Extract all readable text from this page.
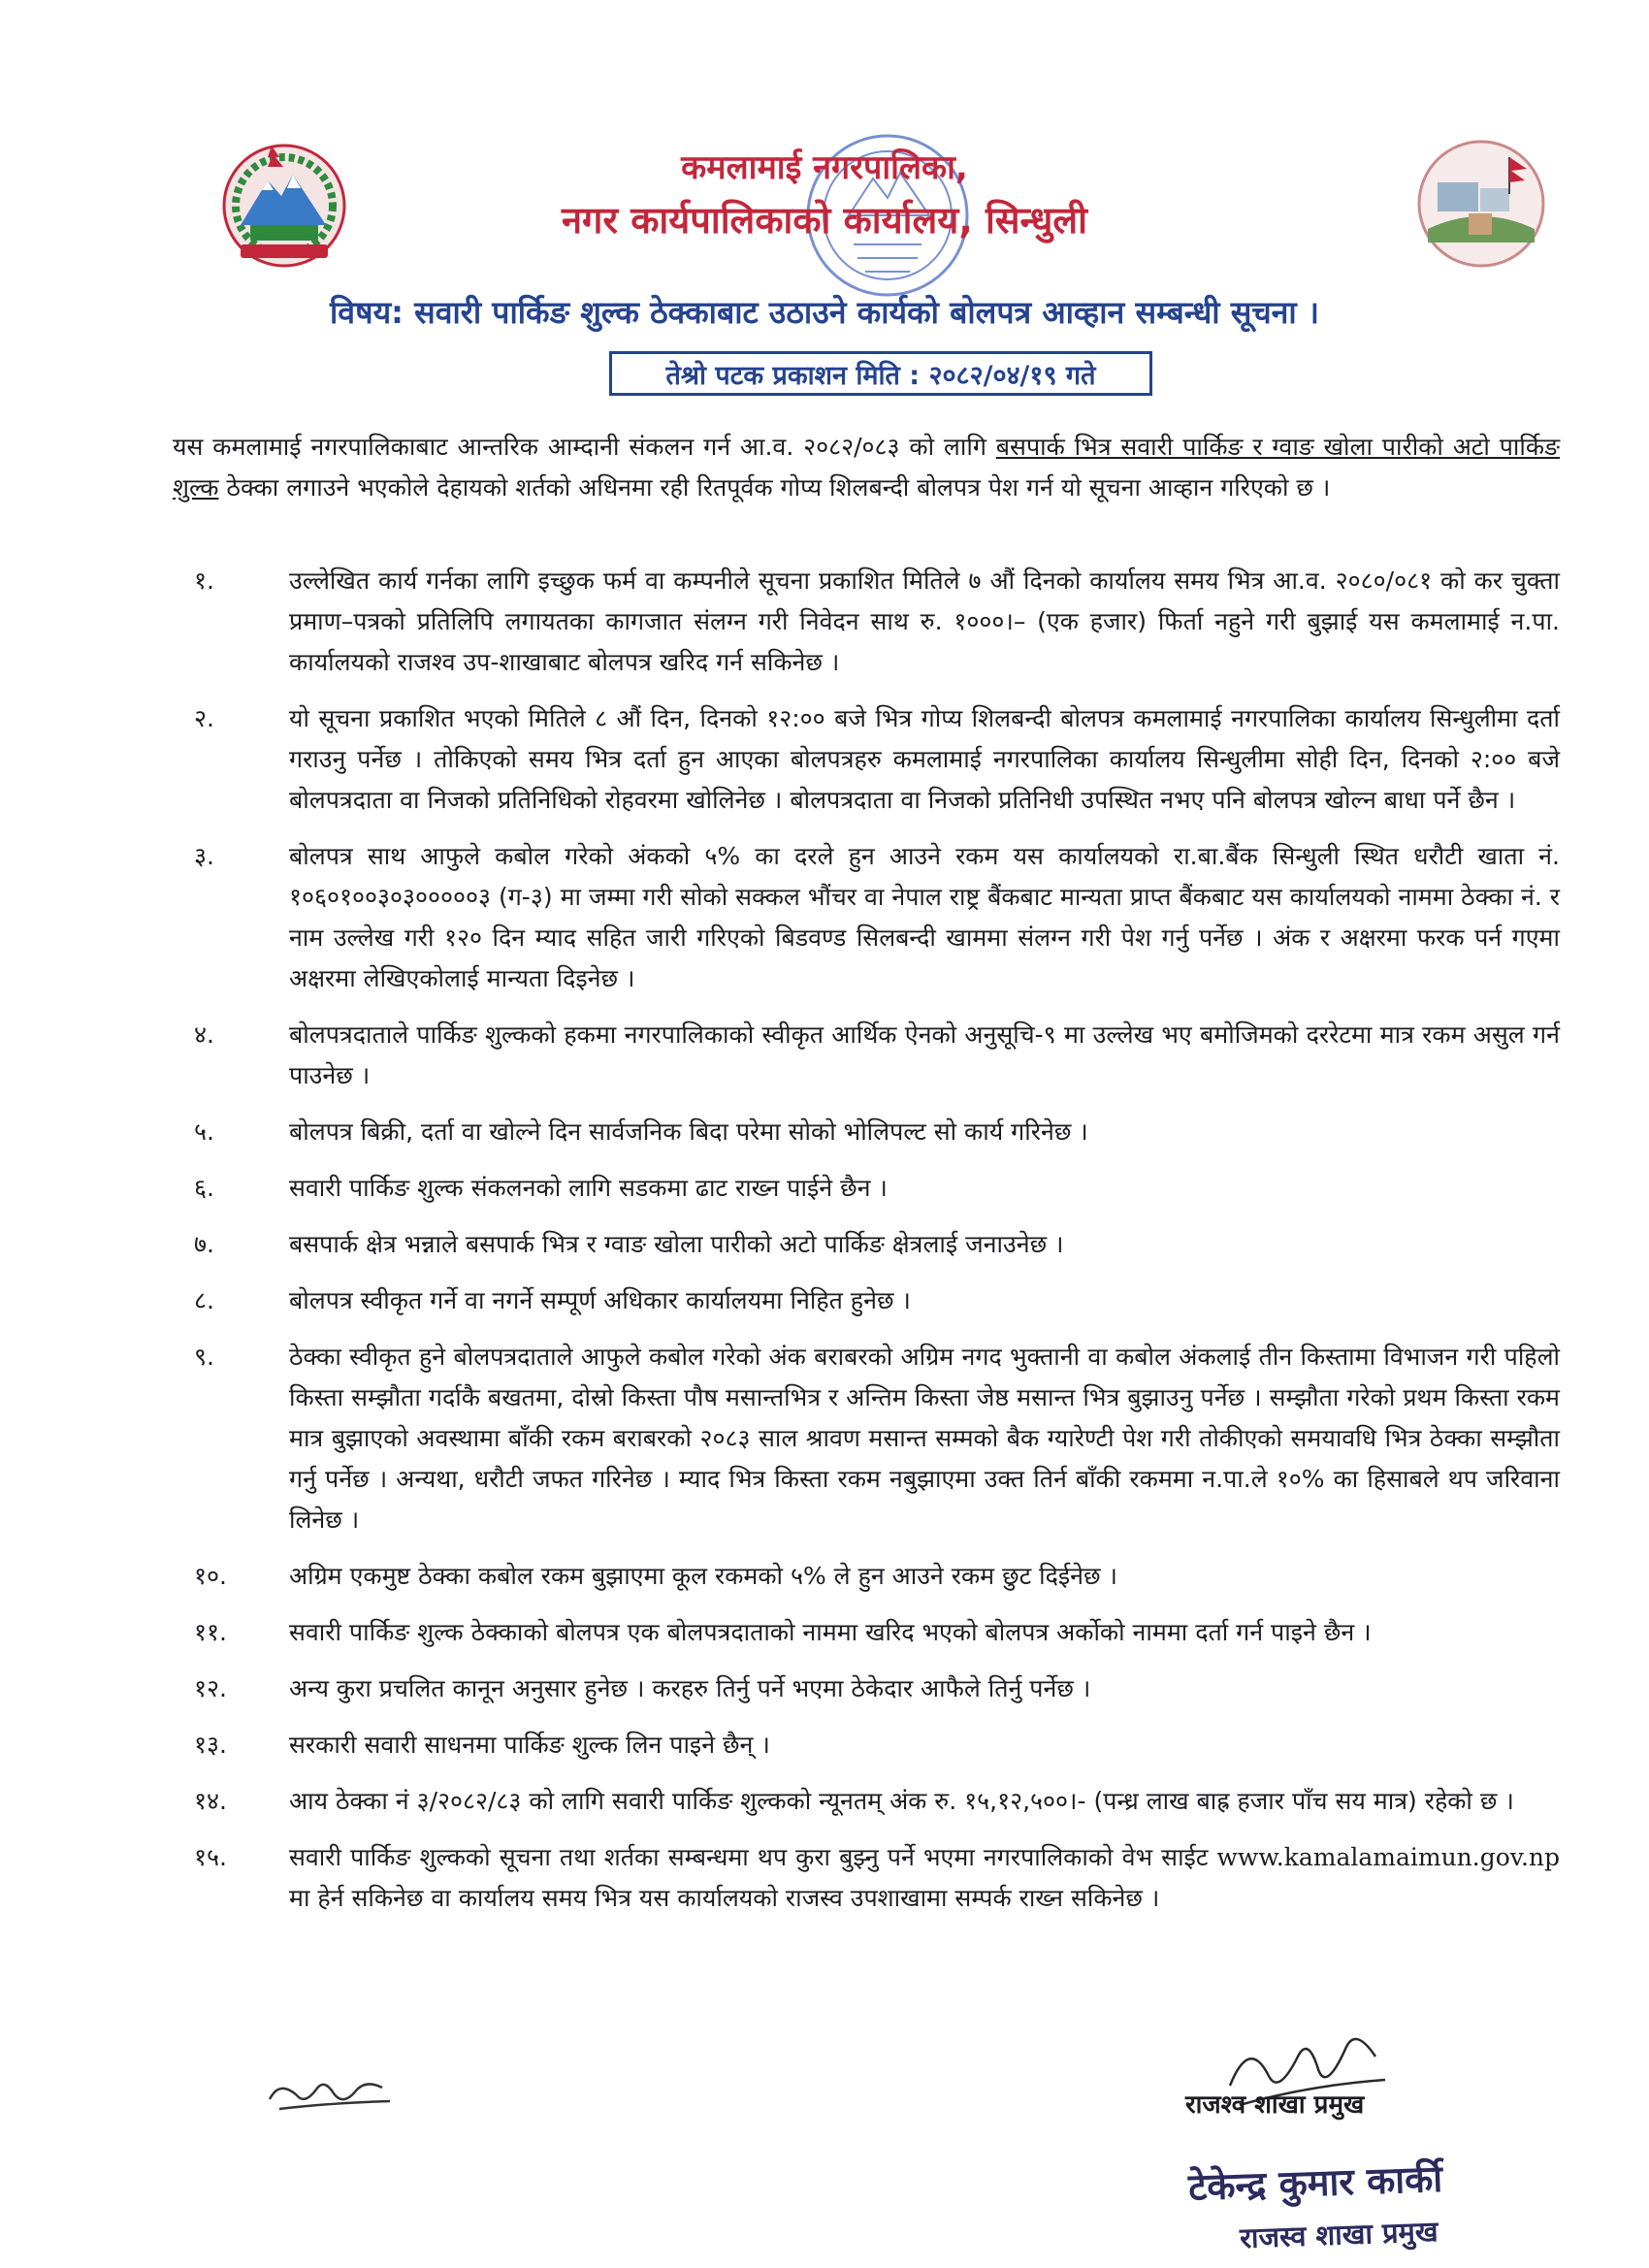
कमलामाई नगरपालिका,
नगर कार्यपालिकाको कार्यालय, सिन्धुली
विषय: सवारी पार्किङ शुल्क ठेक्काबाट उठाउने कार्यको बोलपत्र आव्हान सम्बन्धी सूचना ।
तेश्रो पटक प्रकाशन मिति : २०८२/०४/१९ गते
यस कमलामाई नगरपालिकाबाट आन्तरिक आम्दानी संकलन गर्न आ.व. २०८२/०८३ को लागि बसपार्क भित्र सवारी पार्किङ र ग्वाङ खोला पारीको अटो पार्किङ शुल्क ठेक्का लगाउने भएकोले देहायको शर्तको अधिनमा रही रितपूर्वक गोप्य शिलबन्दी बोलपत्र पेश गर्न यो सूचना आव्हान गरिएको छ ।
१.	उल्लेखित कार्य गर्नका लागि इच्छुक फर्म वा कम्पनीले सूचना प्रकाशित मितिले ७ औं दिनको कार्यालय समय भित्र आ.व. २०८०/०८१ को कर चुक्ता प्रमाण–पत्रको प्रतिलिपि लगायतका कागजात संलग्न गरी निवेदन साथ रु. १०००।– (एक हजार) फिर्ता नहुने गरी बुझाई यस कमलामाई न.पा. कार्यालयको राजश्व उप-शाखाबाट बोलपत्र खरिद गर्न सकिनेछ ।
२.	यो सूचना प्रकाशित भएको मितिले ८ औं दिन, दिनको १२:०० बजे भित्र गोप्य शिलबन्दी बोलपत्र कमलामाई नगरपालिका कार्यालय सिन्धुलीमा दर्ता गराउनु पर्नेछ । तोकिएको समय भित्र दर्ता हुन आएका बोलपत्रहरु कमलामाई नगरपालिका कार्यालय सिन्धुलीमा सोही दिन, दिनको २:०० बजे बोलपत्रदाता वा निजको प्रतिनिधिको रोहवरमा खोलिनेछ । बोलपत्रदाता वा निजको प्रतिनिधी उपस्थित नभए पनि बोलपत्र खोल्न बाधा पर्ने छैन ।
३.	बोलपत्र साथ आफुले कबोल गरेको अंकको ५% का दरले हुन आउने रकम यस कार्यालयको रा.बा.बैंक सिन्धुली स्थित धरौटी खाता नं. १०६०१००३०३०००००३ (ग-३) मा जम्मा गरी सोको सक्कल भौंचर वा नेपाल राष्ट्र बैंकबाट मान्यता प्राप्त बैंकबाट यस कार्यालयको नाममा ठेक्का नं. र नाम उल्लेख गरी १२० दिन म्याद सहित जारी गरिएको बिडवण्ड सिलबन्दी खाममा संलग्न गरी पेश गर्नु पर्नेछ । अंक र अक्षरमा फरक पर्न गएमा अक्षरमा लेखिएकोलाई मान्यता दिइनेछ ।
४.	बोलपत्रदाताले पार्किङ शुल्कको हकमा नगरपालिकाको स्वीकृत आर्थिक ऐनको अनुसूचि-९ मा उल्लेख भए बमोजिमको दररेटमा मात्र रकम असुल गर्न पाउनेछ ।
५.	बोलपत्र बिक्री, दर्ता वा खोल्ने दिन सार्वजनिक बिदा परेमा सोको भोलिपल्ट सो कार्य गरिनेछ ।
६.	सवारी पार्किङ शुल्क संकलनको लागि सडकमा ढाट राख्न पाईने छैन ।
७.	बसपार्क क्षेत्र भन्नाले बसपार्क भित्र र ग्वाङ खोला पारीको अटो पार्किङ क्षेत्रलाई जनाउनेछ ।
८.	बोलपत्र स्वीकृत गर्ने वा नगर्ने सम्पूर्ण अधिकार कार्यालयमा निहित हुनेछ ।
९.	ठेक्का स्वीकृत हुने बोलपत्रदाताले आफुले कबोल गरेको अंक बराबरको अग्रिम नगद भुक्तानी वा कबोल अंकलाई तीन किस्तामा विभाजन गरी पहिलो किस्ता सम्झौता गर्दाकै बखतमा, दोस्रो किस्ता पौष मसान्तभित्र र अन्तिम किस्ता जेष्ठ मसान्त भित्र बुझाउनु पर्नेछ । सम्झौता गरेको प्रथम किस्ता रकम मात्र बुझाएको अवस्थामा बाँकी रकम बराबरको २०८३ साल श्रावण मसान्त सम्मको बैक ग्यारेण्टी पेश गरी तोकीएको समयावधि भित्र ठेक्का सम्झौता गर्नु पर्नेछ । अन्यथा, धरौटी जफत गरिनेछ । म्याद भित्र किस्ता रकम नबुझाएमा उक्त तिर्न बाँकी रकममा न.पा.ले १०% का हिसाबले थप जरिवाना लिनेछ ।
१०.	अग्रिम एकमुष्ट ठेक्का कबोल रकम बुझाएमा कूल रकमको ५% ले हुन आउने रकम छुट दिईनेछ ।
११.	सवारी पार्किङ शुल्क ठेक्काको बोलपत्र एक बोलपत्रदाताको नाममा खरिद भएको बोलपत्र अर्कोको नाममा दर्ता गर्न पाइने छैन ।
१२.	अन्य कुरा प्रचलित कानून अनुसार हुनेछ । करहरु तिर्नु पर्ने भएमा ठेकेदार आफैले तिर्नु पर्नेछ ।
१३.	सरकारी सवारी साधनमा पार्किङ शुल्क लिन पाइने छैन् ।
१४.	आय ठेक्का नं ३/२०८२/८३ को लागि सवारी पार्किङ शुल्कको न्यूनतम् अंक रु. १५,१२,५००।- (पन्ध्र लाख बाह्र हजार पाँच सय मात्र) रहेको छ ।
१५.	सवारी पार्किङ शुल्कको सूचना तथा शर्तका सम्बन्धमा थप कुरा बुझ्नु पर्ने भएमा नगरपालिकाको वेभ साईट www.kamalamaimun.gov.np मा हेर्न सकिनेछ वा कार्यालय समय भित्र यस कार्यालयको राजस्व उपशाखामा सम्पर्क राख्न सकिनेछ ।
राजश्व शाखा प्रमुख
टेकेन्द्र कुमार कार्की
राजस्व शाखा प्रमुख
